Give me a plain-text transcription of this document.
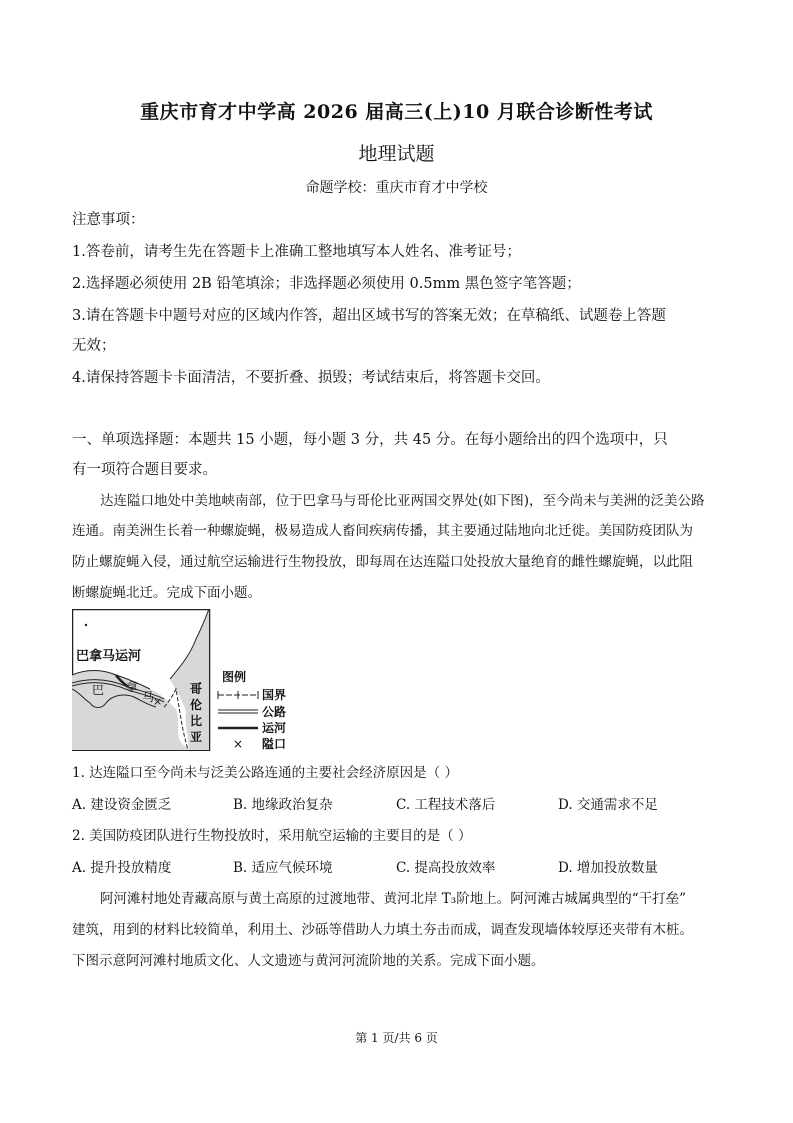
重庆市育才中学高 2026 届高三(上)10 月联合诊断性考试
地理试题
命题学校：重庆市育才中学校
注意事项：
1.答卷前，请考生先在答题卡上准确工整地填写本人姓名、准考证号；
2.选择题必须使用 2B 铅笔填涂；非选择题必须使用 0.5mm 黑色签字笔答题；
3.请在答题卡中题号对应的区域内作答，超出区域书写的答案无效；在草稿纸、试题卷上答题
无效；
4.请保持答题卡卡面清洁，不要折叠、损毁；考试结束后，将答题卡交回。
一、单项选择题：本题共 15 小题，每小题 3 分，共 45 分。在每小题给出的四个选项中，只
有一项符合题目要求。
达连隘口地处中美地峡南部，位于巴拿马与哥伦比亚两国交界处(如下图)，至今尚未与美洲的泛美公路
连通。南美洲生长着一种螺旋蝇，极易造成人畜间疾病传播，其主要通过陆地向北迁徙。美国防疫团队为
防止螺旋蝇入侵，通过航空运输进行生物投放，即每周在达连隘口处投放大量绝育的雌性螺旋蝇，以此阻
断螺旋蝇北迁。完成下面小题。
×
巴拿马运河
巴 拿
马
哥
伦
比
亚
图例
国界
公路
运河
× 隘口
1. 达连隘口至今尚未与泛美公路连通的主要社会经济原因是（ ）
A. 建设资金匮乏	B. 地缘政治复杂	C. 工程技术落后	D. 交通需求不足
2. 美国防疫团队进行生物投放时，采用航空运输的主要目的是（ ）
A. 提升投放精度	B. 适应气候环境	C. 提高投放效率	D. 增加投放数量
阿河滩村地处青藏高原与黄土高原的过渡地带、黄河北岸 T₃阶地上。阿河滩古城属典型的“干打垒”
建筑，用到的材料比较简单，利用土、沙砾等借助人力填土夯击而成，调查发现墙体较厚还夹带有木桩。
下图示意阿河滩村地质文化、人文遗迹与黄河河流阶地的关系。完成下面小题。
第 1 页/共 6 页
